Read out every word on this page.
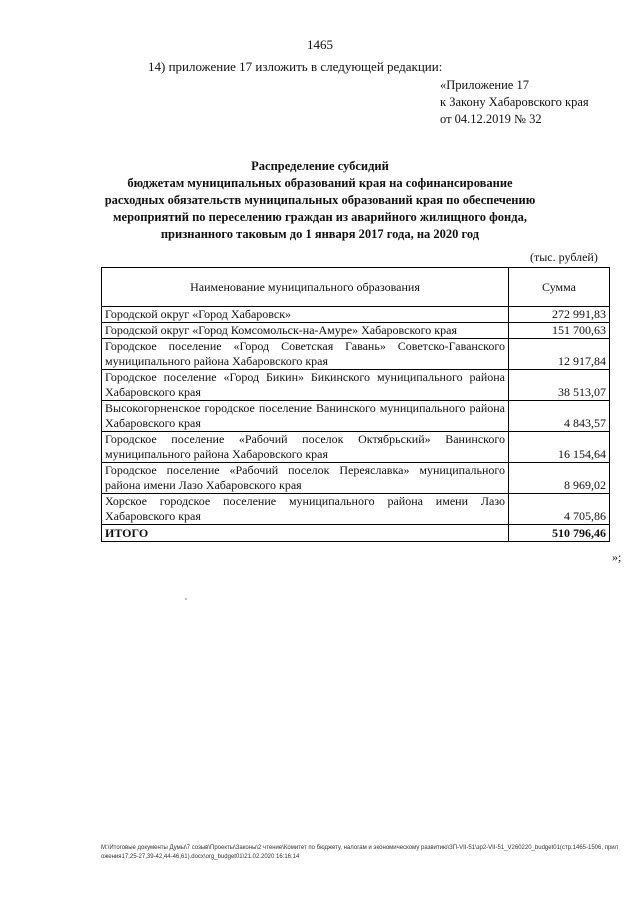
1465
14) приложение 17 изложить в следующей редакции:
«Приложение 17
к Закону Хабаровского края
от 04.12.2019 № 32
Распределение субсидий
бюджетам муниципальных образований края на софинансирование
расходных обязательств муниципальных образований края по обеспечению
мероприятий по переселению граждан из аварийного жилищного фонда,
признанного таковым до 1 января 2017 года, на 2020 год
(тыс. рублей)
Наименование муниципального образования	Сумма
Городской округ «Город Хабаровск»	272 991,83
Городской округ «Город Комсомольск-на-Амуре» Хабаровского края	151 700,63
Городское поселение «Город Советская Гавань» Советско-Гаванского муниципального района Хабаровского края	12 917,84
Городское поселение «Город Бикин» Бикинского муниципального района Хабаровского края	38 513,07
Высокогорненское городское поселение Ванинского муниципального района Хабаровского края	4 843,57
Городское поселение «Рабочий поселок Октябрьский» Ванинского муниципального района Хабаровского края	16 154,64
Городское поселение «Рабочий поселок Переяславка» муниципального района имени Лазо Хабаровского края	8 969,02
Хорское городское поселение муниципального района имени Лазо Хабаровского края	4 705,86
ИТОГО	510 796,46
»;
M:\Итоговые документы Думы\7 созыв\Проекты\Законы\2 чтение\Комитет по бюджету, налогам и экономическому развитию\ЗП-VII-51\зр2-VII-51_V260220_budget01(стр.1465-1506, приложения17,25-27,39-42,44-46,61).docx\org_budget01\21.02.2020 16:16:14
